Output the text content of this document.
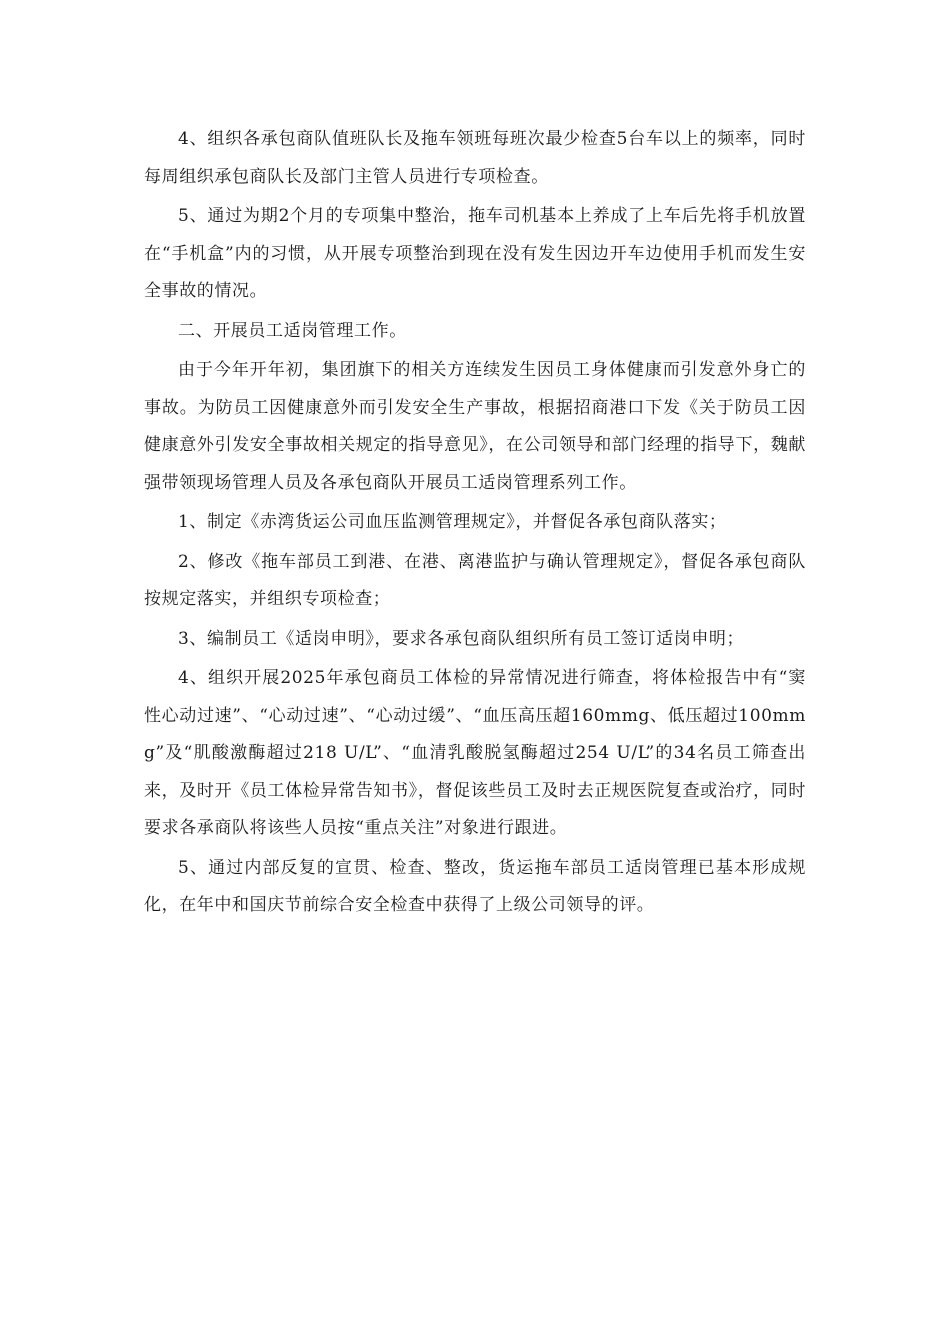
4、组织各承包商队值班队长及拖车领班每班次最少检查5台车以上的频率，同时每周组织承包商队长及部门主管人员进行专项检查。

5、通过为期2个月的专项集中整治，拖车司机基本上养成了上车后先将手机放置在“手机盒”内的习惯，从开展专项整治到现在没有发生因边开车边使用手机而发生安全事故的情况。

二、开展员工适岗管理工作。

由于今年开年初，集团旗下的相关方连续发生因员工身体健康而引发意外身亡的事故。为防员工因健康意外而引发安全生产事故，根据招商港口下发《关于防员工因健康意外引发安全事故相关规定的指导意见》，在公司领导和部门经理的指导下，魏献强带领现场管理人员及各承包商队开展员工适岗管理系列工作。

1、制定《赤湾货运公司血压监测管理规定》，并督促各承包商队落实；

2、修改《拖车部员工到港、在港、离港监护与确认管理规定》，督促各承包商队按规定落实，并组织专项检查；

3、编制员工《适岗申明》，要求各承包商队组织所有员工签订适岗申明；

4、组织开展2025年承包商员工体检的异常情况进行筛查，将体检报告中有“窦性心动过速”、“心动过速”、“心动过缓”、“血压高压超160mmg、低压超过100mmg”及“肌酸激酶超过218 U/L”、“血清乳酸脱氢酶超过254 U/L”的34名员工筛查出来，及时开《员工体检异常告知书》，督促该些员工及时去正规医院复查或治疗，同时要求各承商队将该些人员按“重点关注”对象进行跟进。

5、通过内部反复的宣贯、检查、整改，货运拖车部员工适岗管理已基本形成规化，在年中和国庆节前综合安全检查中获得了上级公司领导的评。
